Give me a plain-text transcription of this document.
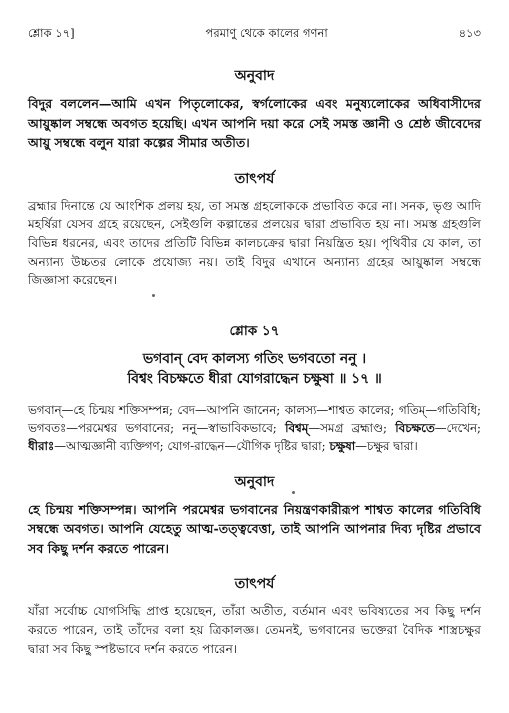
শ্লোক ১৭]	পরমাণু থেকে কালের গণনা	৪১৩
অনুবাদ

বিদুর বললেন—আমি এখন পিতৃলোকের, স্বর্গলোকের এবং মনুষ্যলোকের অধিবাসীদের আয়ুষ্কাল সম্বন্ধে অবগত হয়েছি। এখন আপনি দয়া করে সেই সমস্ত জ্ঞানী ও শ্রেষ্ঠ জীবেদের আয়ু সম্বন্ধে বলুন যারা কল্পের সীমার অতীত।

তাৎপর্য

ব্রহ্মার দিনান্তে যে আংশিক প্রলয় হয়, তা সমস্ত গ্রহলোককে প্রভাবিত করে না। সনক, ভৃগু আদি মহর্ষিরা যেসব গ্রহে রয়েছেন, সেইগুলি কল্পান্তের প্রলয়ের দ্বারা প্রভাবিত হয় না। সমস্ত গ্রহগুলি বিভিন্ন ধরনের, এবং তাদের প্রতিটি বিভিন্ন কালচক্রের দ্বারা নিয়ন্ত্রিত হয়। পৃথিবীর যে কাল, তা অন্যান্য উচ্চতর লোকে প্রযোজ্য নয়। তাই বিদুর এখানে অন্যান্য গ্রহের আয়ুষ্কাল সম্বন্ধে জিজ্ঞাসা করেছেন।

শ্লোক ১৭
ভগবান্ বেদ কালস্য গতিং ভগবতো ননু ।
বিশ্বং বিচক্ষতে ধীরা যোগরাদ্ধেন চক্ষুষা ॥ ১৭ ॥
ভগবান্—হে চিন্ময় শক্তিসম্পন্ন; বেদ—আপনি জানেন; কালস্য—শাশ্বত কালের; গতিম্—গতিবিধি; ভগবতঃ—পরমেশ্বর ভগবানের; ননু—স্বাভাবিকভাবে; বিশ্বম্—সমগ্র ব্রহ্মাণ্ড; বিচক্ষতে—দেখেন; ধীরাঃ—আত্মজ্ঞানী ব্যক্তিগণ; যোগ-রাদ্ধেন—যৌগিক দৃষ্টির দ্বারা; চক্ষুষা—চক্ষুর দ্বারা।
অনুবাদ

হে চিন্ময় শক্তিসম্পন্ন। আপনি পরমেশ্বর ভগবানের নিয়ন্ত্রণকারীরূপ শাশ্বত কালের গতিবিধি সম্বন্ধে অবগত। আপনি যেহেতু আত্ম-তত্ত্ববেত্তা, তাই আপনি আপনার দিব্য দৃষ্টির প্রভাবে সব কিছু দর্শন করতে পারেন।

তাৎপর্য

যাঁরা সর্বোচ্চ যোগসিদ্ধি প্রাপ্ত হয়েছেন, তাঁরা অতীত, বর্তমান এবং ভবিষ্যতের সব কিছু দর্শন করতে পারেন, তাই তাঁদের বলা হয় ত্রিকালজ্ঞ। তেমনই, ভগবানের ভক্তেরা বৈদিক শাস্ত্রচক্ষুর দ্বারা সব কিছু স্পষ্টভাবে দর্শন করতে পারেন।
